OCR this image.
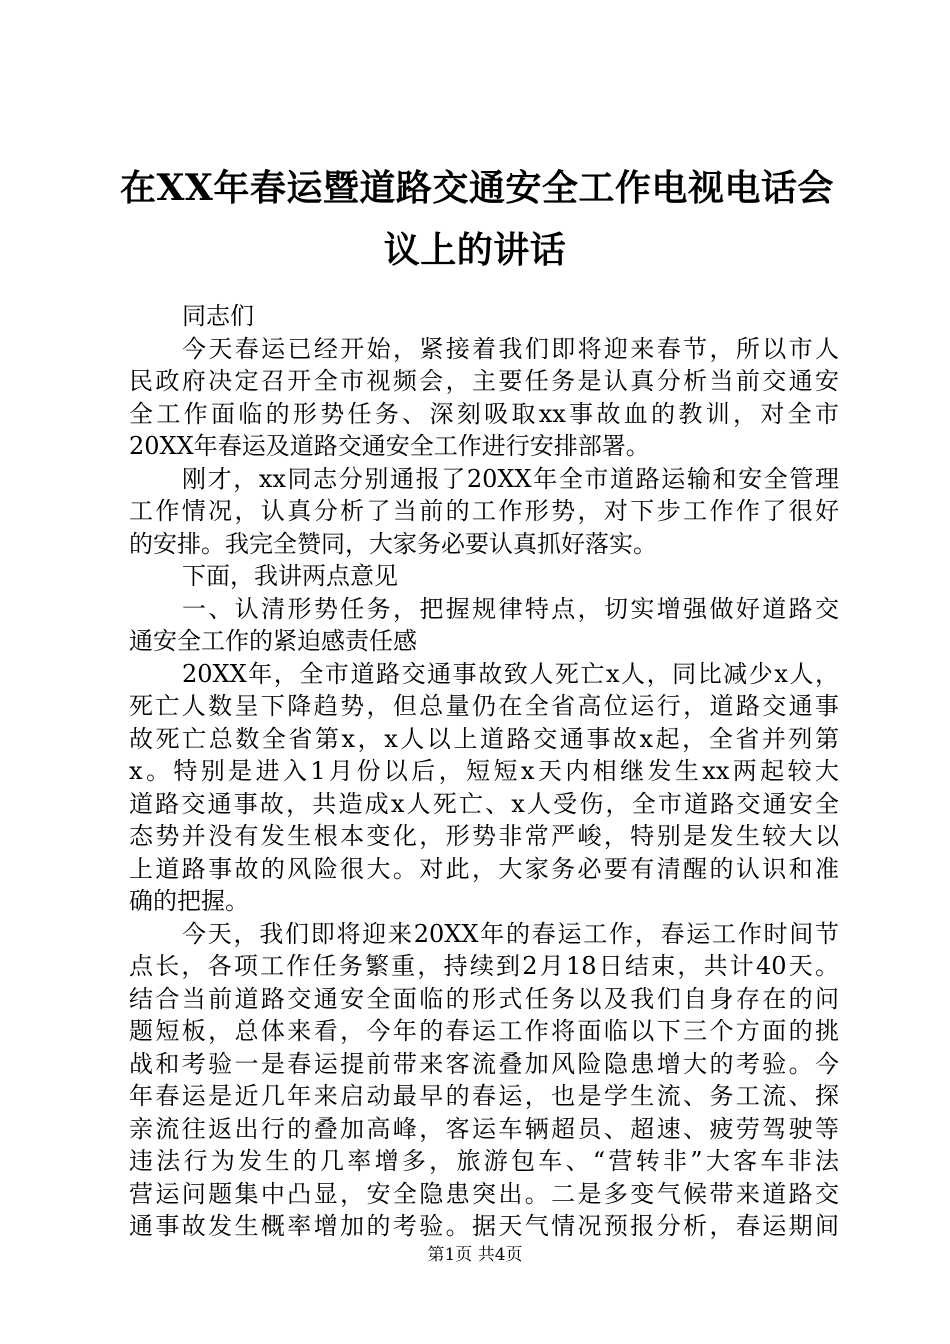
在XX年春运暨道路交通安全工作电视电话会
议上的讲话
同志们
今天春运已经开始，紧接着我们即将迎来春节，所以市人
民政府决定召开全市视频会，主要任务是认真分析当前交通安
全工作面临的形势任务、深刻吸取xx事故血的教训，对全市
20XX年春运及道路交通安全工作进行安排部署。
刚才，xx同志分别通报了20XX年全市道路运输和安全管理
工作情况，认真分析了当前的工作形势，对下步工作作了很好
的安排。我完全赞同，大家务必要认真抓好落实。
下面，我讲两点意见
一、认清形势任务，把握规律特点，切实增强做好道路交
通安全工作的紧迫感责任感
20XX年，全市道路交通事故致人死亡x人，同比减少x人，
死亡人数呈下降趋势，但总量仍在全省高位运行，道路交通事
故死亡总数全省第x，x人以上道路交通事故x起，全省并列第
x。特别是进入1月份以后，短短x天内相继发生xx两起较大
道路交通事故，共造成x人死亡、x人受伤，全市道路交通安全
态势并没有发生根本变化，形势非常严峻，特别是发生较大以
上道路事故的风险很大。对此，大家务必要有清醒的认识和准
确的把握。
今天，我们即将迎来20XX年的春运工作，春运工作时间节
点长，各项工作任务繁重，持续到2月18日结束，共计40天。
结合当前道路交通安全面临的形式任务以及我们自身存在的问
题短板，总体来看，今年的春运工作将面临以下三个方面的挑
战和考验一是春运提前带来客流叠加风险隐患增大的考验。今
年春运是近几年来启动最早的春运，也是学生流、务工流、探
亲流往返出行的叠加高峰，客运车辆超员、超速、疲劳驾驶等
违法行为发生的几率增多，旅游包车、“营转非”大客车非法
营运问题集中凸显，安全隐患突出。二是多变气候带来道路交
通事故发生概率增加的考验。据天气情况预报分析，春运期间
第1页 共4页
